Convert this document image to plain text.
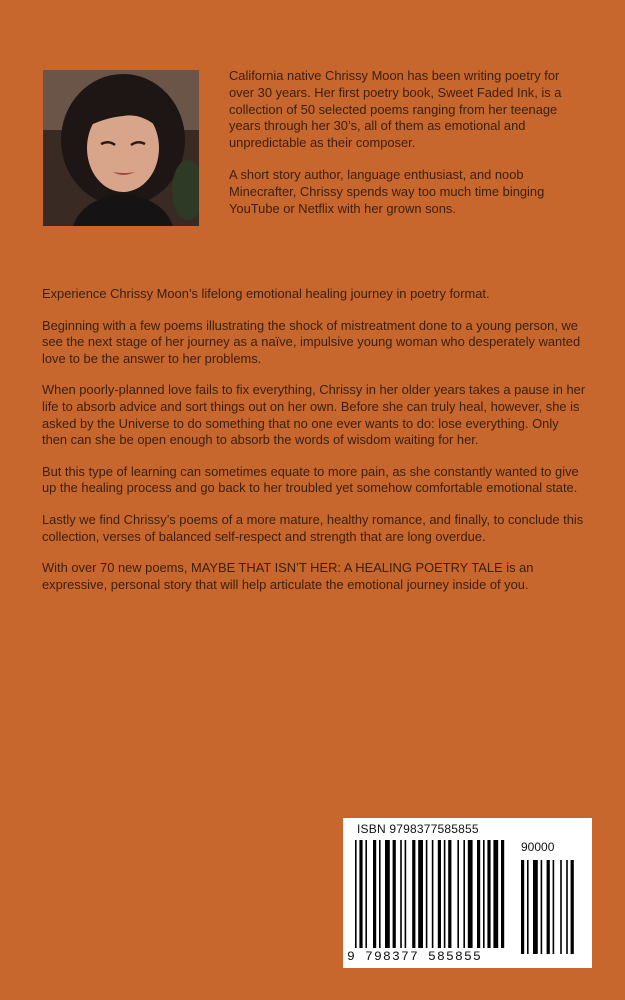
California native Chrissy Moon has been writing poetry for over 30 years. Her first poetry book, Sweet Faded Ink, is a collection of 50 selected poems ranging from her teenage years through her 30’s, all of them as emotional and unpredictable as their composer.

A short story author, language enthusiast, and noob Minecrafter, Chrissy spends way too much time binging YouTube or Netflix with her grown sons.

Experience Chrissy Moon’s lifelong emotional healing journey in poetry format.

Beginning with a few poems illustrating the shock of mistreatment done to a young person, we see the next stage of her journey as a naïve, impulsive young woman who desperately wanted love to be the answer to her problems.

When poorly-planned love fails to fix everything, Chrissy in her older years takes a pause in her life to absorb advice and sort things out on her own. Before she can truly heal, however, she is asked by the Universe to do something that no one ever wants to do: lose everything. Only then can she be open enough to absorb the words of wisdom waiting for her.

But this type of learning can sometimes equate to more pain, as she constantly wanted to give up the healing process and go back to her troubled yet somehow comfortable emotional state.

Lastly we find Chrissy’s poems of a more mature, healthy romance, and finally, to conclude this collection, verses of balanced self-respect and strength that are long overdue.

With over 70 new poems, MAYBE THAT ISN’T HER: A HEALING POETRY TALE is an expressive, personal story that will help articulate the emotional journey inside of you.

ISBN 9798377585855
90000
9 798377 585855
